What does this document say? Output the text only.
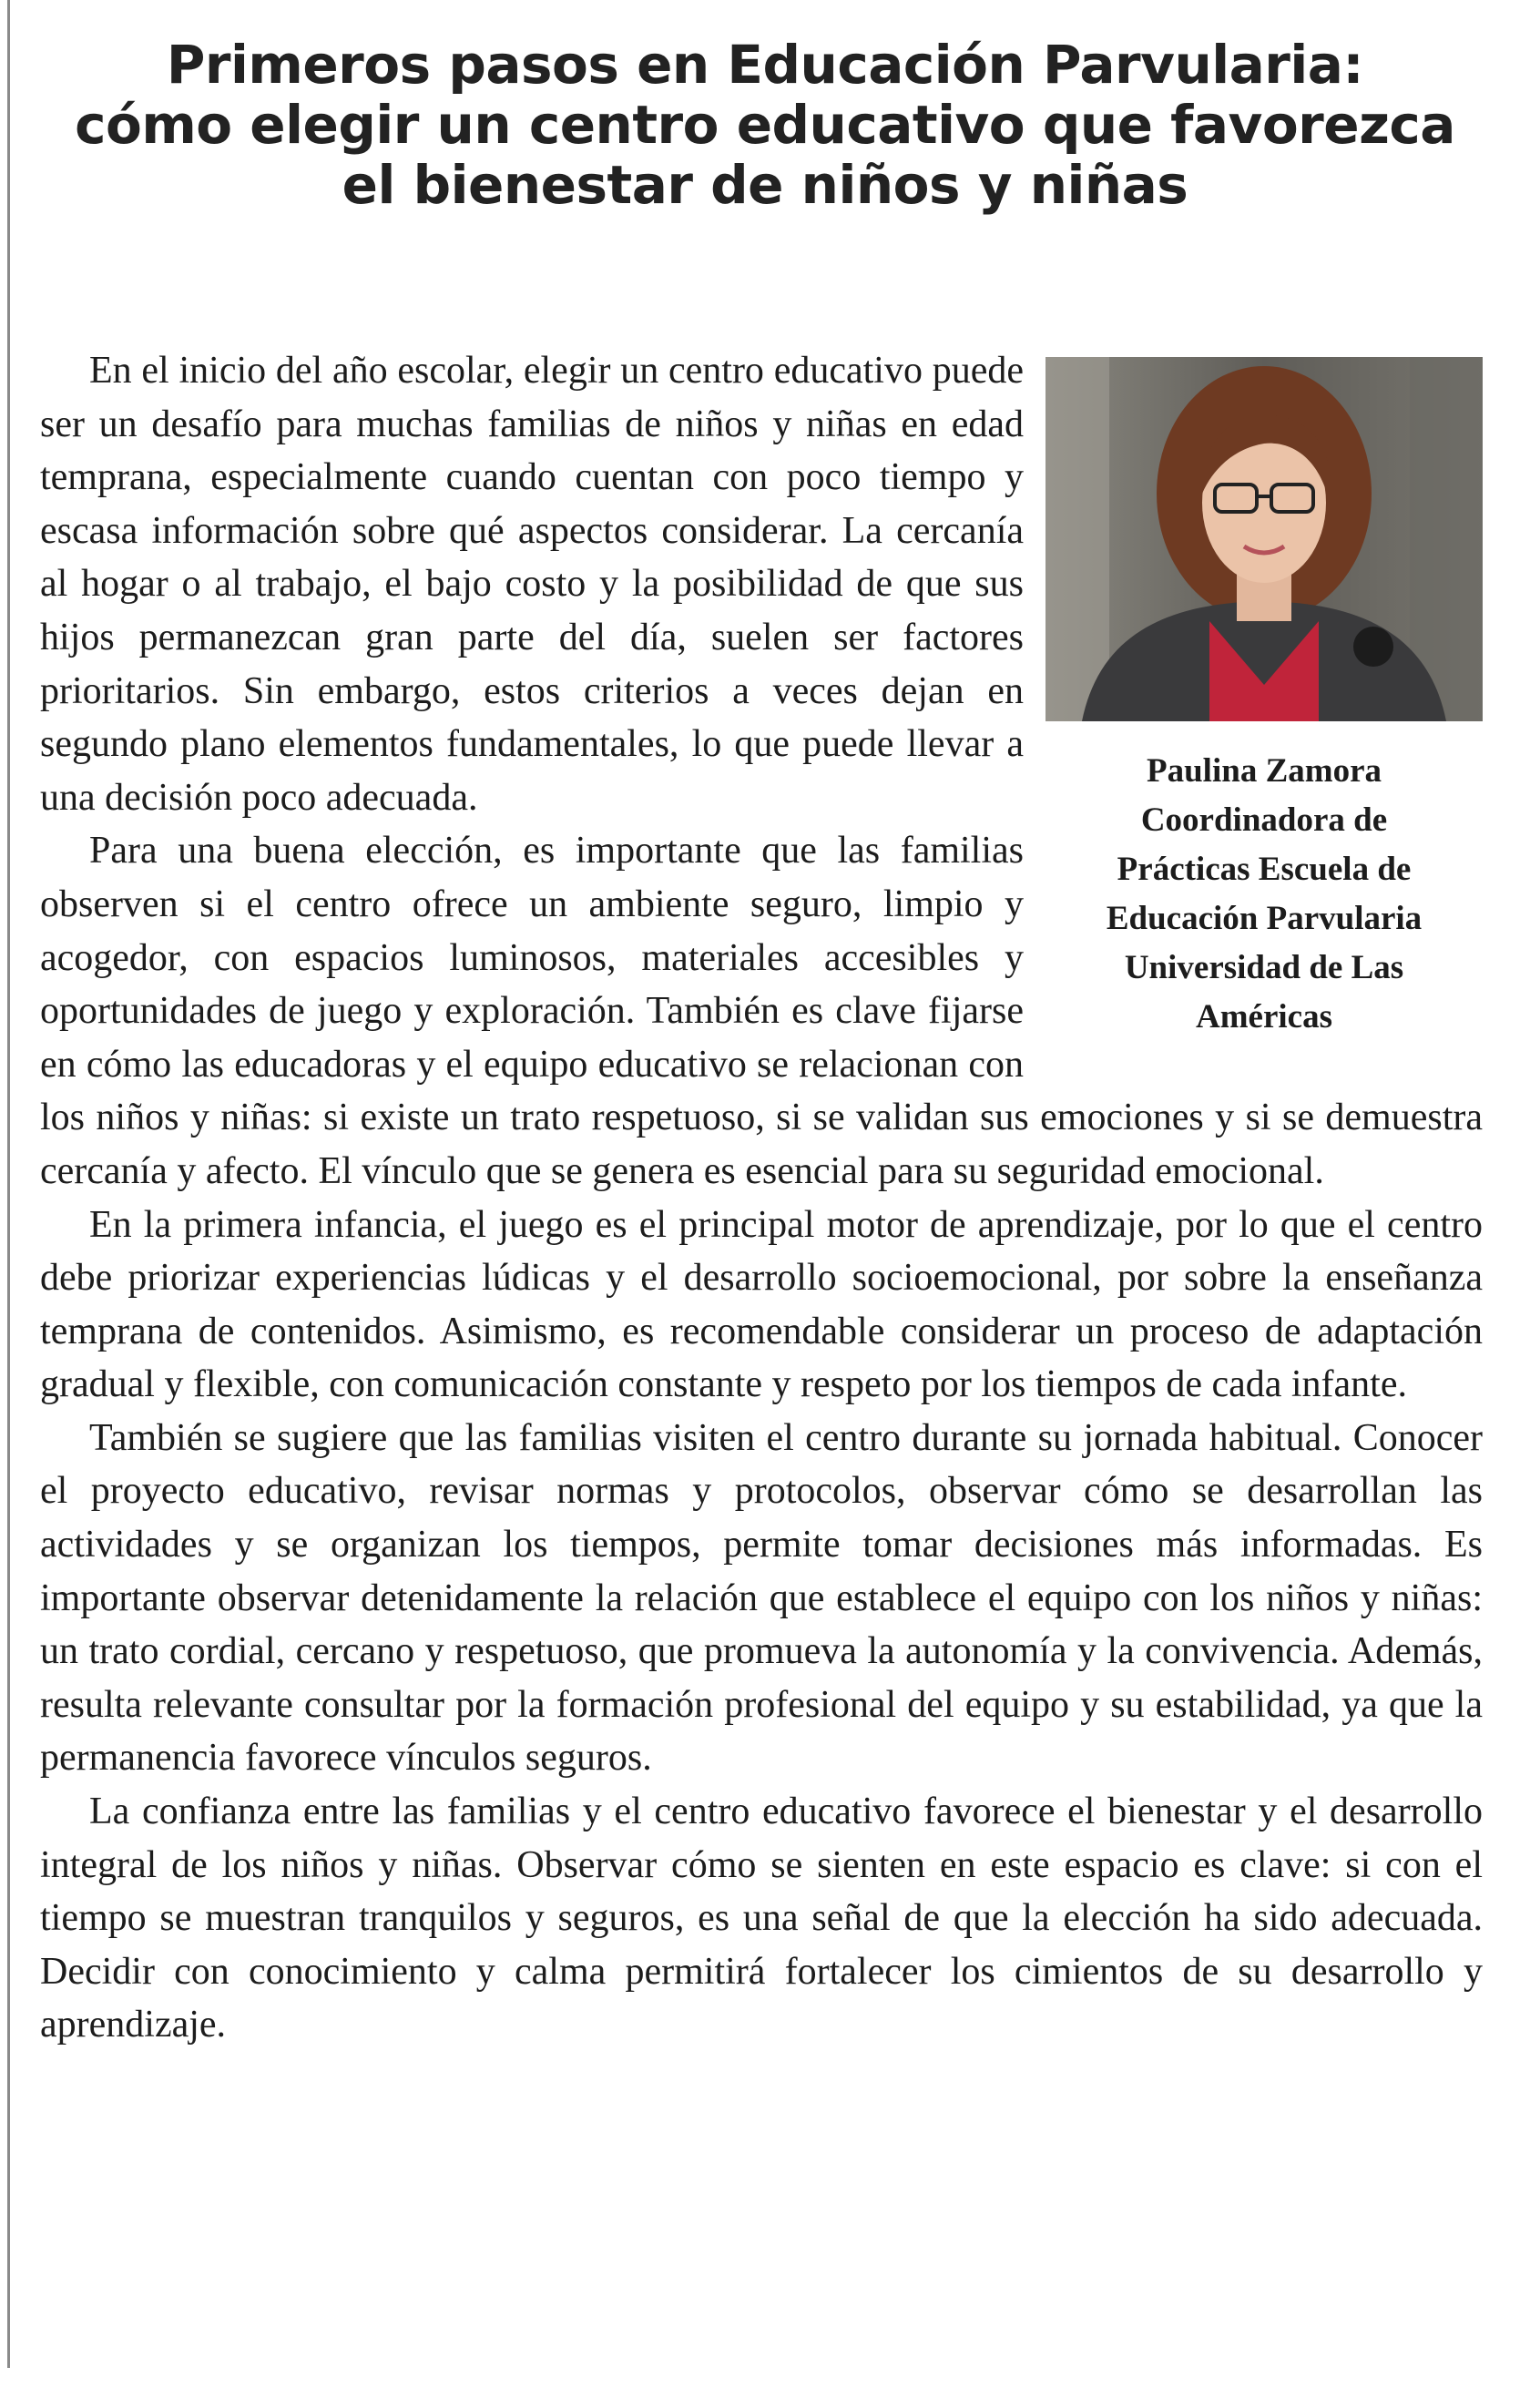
Primeros pasos en Educación Parvularia:
cómo elegir un centro educativo que favorezca
el bienestar de niños y niñas
Paulina Zamora
Coordinadora de
Prácticas Escuela de
Educación Parvularia
Universidad de Las
Américas

En el inicio del año escolar, elegir un centro educativo puede ser un desafío para muchas familias de niños y niñas en edad temprana, especialmente cuando cuentan con poco tiempo y escasa información sobre qué aspectos considerar. La cercanía al hogar o al trabajo, el bajo costo y la posibilidad de que sus hijos permanezcan gran parte del día, suelen ser factores prioritarios. Sin embargo, estos criterios a veces dejan en segundo plano elementos fundamentales, lo que puede llevar a una decisión poco adecuada.

Para una buena elección, es importante que las familias observen si el centro ofrece un ambiente seguro, limpio y acogedor, con espacios luminosos, materiales accesibles y oportunidades de juego y exploración. También es clave fijarse en cómo las educadoras y el equipo educativo se relacionan con los niños y niñas: si existe un trato respetuoso, si se validan sus emociones y si se demuestra cercanía y afecto. El vínculo que se genera es esencial para su seguridad emocional.

En la primera infancia, el juego es el principal motor de aprendizaje, por lo que el centro debe priorizar experiencias lúdicas y el desarrollo socioemocional, por sobre la enseñanza temprana de contenidos. Asimismo, es recomendable considerar un proceso de adaptación gradual y flexible, con comunicación constante y respeto por los tiempos de cada infante.

También se sugiere que las familias visiten el centro durante su jornada habitual. Conocer el proyecto educativo, revisar normas y protocolos, observar cómo se desarrollan las actividades y se organizan los tiempos, permite tomar decisiones más informadas. Es importante observar detenidamente la relación que establece el equipo con los niños y niñas: un trato cordial, cercano y respetuoso, que promueva la autonomía y la convivencia. Además, resulta relevante consultar por la formación profesional del equipo y su estabilidad, ya que la permanencia favorece vínculos seguros.

La confianza entre las familias y el centro educativo favorece el bienestar y el desarrollo integral de los niños y niñas. Observar cómo se sienten en este espacio es clave: si con el tiempo se muestran tranquilos y seguros, es una señal de que la elección ha sido adecuada. Decidir con conocimiento y calma permitirá fortalecer los cimientos de su desarrollo y aprendizaje.
